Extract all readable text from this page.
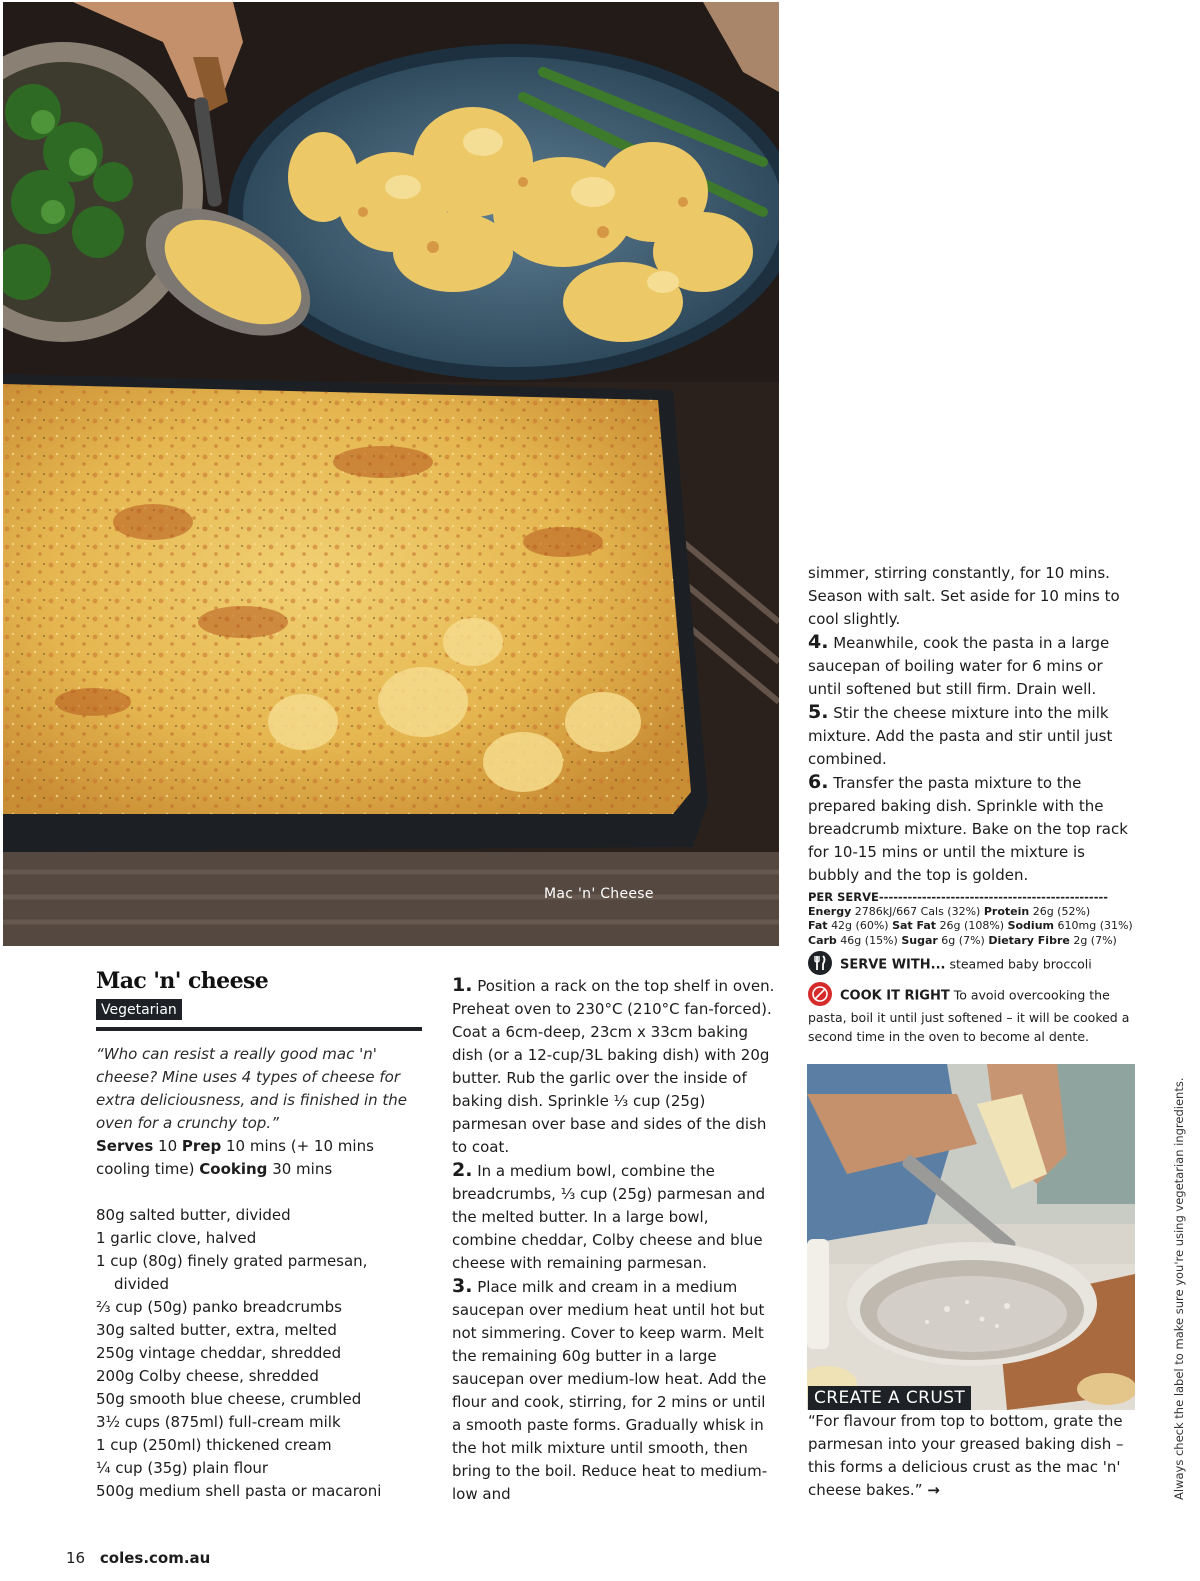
Mac 'n' Cheese
Mac 'n' cheese
Vegetarian

“Who can resist a really good mac 'n' cheese? Mine uses 4 types of cheese for extra deliciousness, and is finished in the oven for a crunchy top.”

Serves 10 Prep 10 mins (+ 10 mins cooling time) Cooking 30 mins

80g salted butter, divided
1 garlic clove, halved
1 cup (80g) finely grated parmesan,
divided
⅔ cup (50g) panko breadcrumbs
30g salted butter, extra, melted
250g vintage cheddar, shredded
200g Colby cheese, shredded
50g smooth blue cheese, crumbled
3½ cups (875ml) full-cream milk
1 cup (250ml) thickened cream
¼ cup (35g) plain flour
500g medium shell pasta or macaroni

1. Position a rack on the top shelf in oven. Preheat oven to 230°C (210°C fan-forced). Coat a 6cm-deep, 23cm x 33cm baking dish (or a 12-cup/3L baking dish) with 20g butter. Rub the garlic over the inside of baking dish. Sprinkle ⅓ cup (25g) parmesan over base and sides of the dish to coat.

2. In a medium bowl, combine the breadcrumbs, ⅓ cup (25g) parmesan and the melted butter. In a large bowl, combine cheddar, Colby cheese and blue cheese with remaining parmesan.

3. Place milk and cream in a medium saucepan over medium heat until hot but not simmering. Cover to keep warm. Melt the remaining 60g butter in a large saucepan over medium-low heat. Add the flour and cook, stirring, for 2 mins or until a smooth paste forms. Gradually whisk in the hot milk mixture until smooth, then bring to the boil. Reduce heat to medium-low and

simmer, stirring constantly, for 10 mins. Season with salt. Set aside for 10 mins to cool slightly.

4. Meanwhile, cook the pasta in a large saucepan of boiling water for 6 mins or until softened but still firm. Drain well.

5. Stir the cheese mixture into the milk mixture. Add the pasta and stir until just combined.

6. Transfer the pasta mixture to the prepared baking dish. Sprinkle with the breadcrumb mixture. Bake on the top rack for 10-15 mins or until the mixture is bubbly and the top is golden.

PER SERVE------------------------------------------------
Energy 2786kJ/667 Cals (32%) Protein 26g (52%)
Fat 42g (60%) Sat Fat 26g (108%) Sodium 610mg (31%)
Carb 46g (15%) Sugar 6g (7%) Dietary Fibre 2g (7%)
SERVE WITH... steamed baby broccoli
COOK IT RIGHT To avoid overcooking the pasta, boil it until just softened – it will be cooked a second time in the oven to become al dente.
CREATE A CRUST

“For flavour from top to bottom, grate the parmesan into your greased baking dish – this forms a delicious crust as the mac 'n' cheese bakes.” →	Always check the label to make sure you're using vegetarian ingredients.
16 coles.com.au
